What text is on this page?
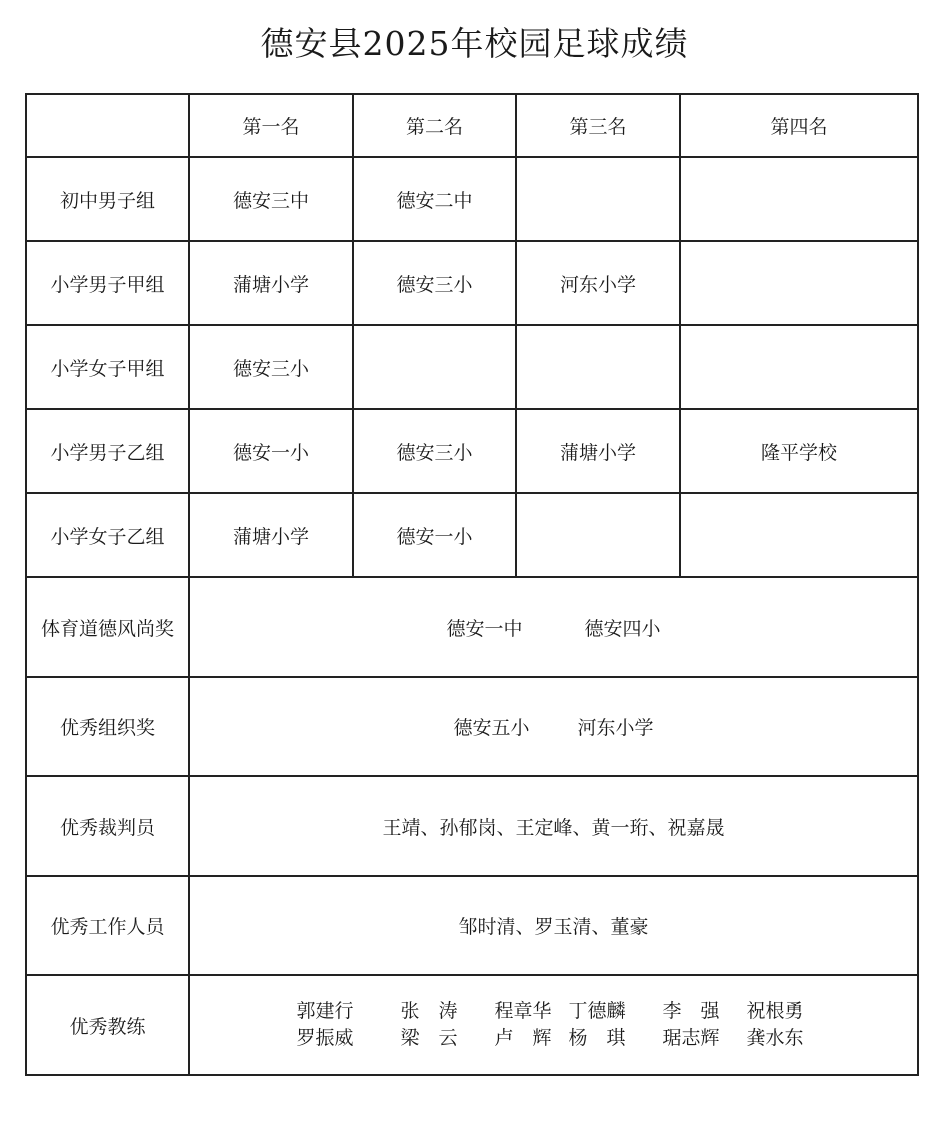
德安县2025年校园足球成绩
	第一名	第二名	第三名	第四名
初中男子组	德安三中	德安二中		
小学男子甲组	蒲塘小学	德安三小	河东小学	
小学女子甲组	德安三小			
小学男子乙组	德安一小	德安三小	蒲塘小学	隆平学校
小学女子乙组	蒲塘小学	德安一小		
体育道德风尚奖	德安一中 德安四小			
优秀组织奖	德安五小 河东小学			
优秀裁判员	王靖、孙郁岗、王定峰、黄一珩、祝嘉晟			
优秀工作人员	邹时清、罗玉清、董豪			
优秀教练	郭建行 张　涛 程章华 丁德麟 李　强 祝根勇
罗振威 梁　云 卢　辉 杨　琪 琚志辉 龚水东			
